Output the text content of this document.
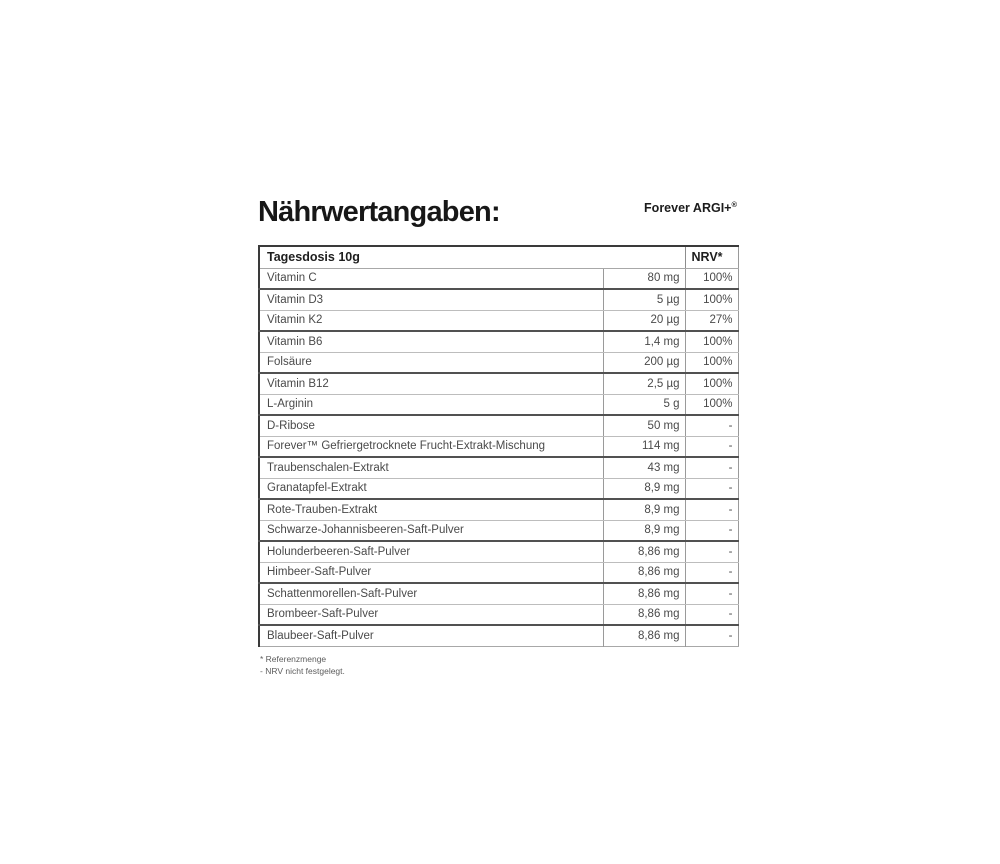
Nährwertangaben:	Forever ARGI+®
Tagesdosis 10g		NRV*
Vitamin C	80 mg	100%
Vitamin D3	5 µg	100%
Vitamin K2	20 µg	27%
Vitamin B6	1,4 mg	100%
Folsäure	200 µg	100%
Vitamin B12	2,5 µg	100%
L-Arginin	5 g	100%
D-Ribose	50 mg	-
Forever™ Gefriergetrocknete Frucht-Extrakt-Mischung	114 mg	-
Traubenschalen-Extrakt	43 mg	-
Granatapfel-Extrakt	8,9 mg	-
Rote-Trauben-Extrakt	8,9 mg	-
Schwarze-Johannisbeeren-Saft-Pulver	8,9 mg	-
Holunderbeeren-Saft-Pulver	8,86 mg	-
Himbeer-Saft-Pulver	8,86 mg	-
Schattenmorellen-Saft-Pulver	8,86 mg	-
Brombeer-Saft-Pulver	8,86 mg	-
Blaubeer-Saft-Pulver	8,86 mg	-
* Referenzmenge
- NRV nicht festgelegt.
